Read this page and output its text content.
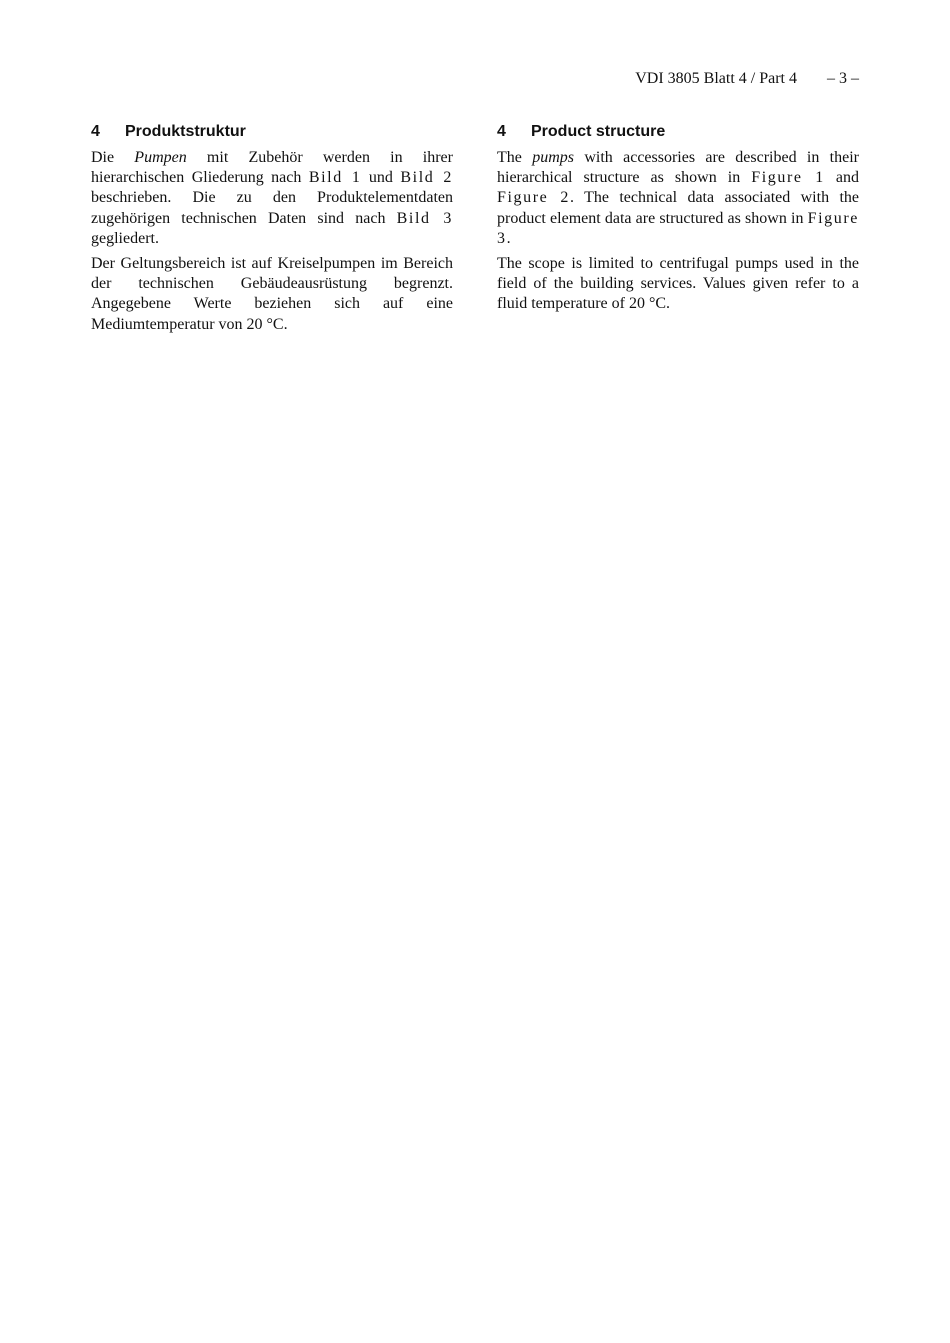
VDI 3805 Blatt 4 / Part 4 – 3 –
4 Produktstruktur

Die Pumpen mit Zubehör werden in ihrer hierarchischen Gliederung nach Bild 1 und Bild 2 beschrieben. Die zu den Produktelementdaten zugehörigen technischen Daten sind nach Bild 3 gegliedert.

Der Geltungsbereich ist auf Kreiselpumpen im Bereich der technischen Gebäudeausrüstung begrenzt. Angegebene Werte beziehen sich auf eine Mediumtemperatur von 20 °C.

4 Product structure

The pumps with accessories are described in their hierarchical structure as shown in Figure 1 and Figure 2. The technical data associated with the product element data are structured as shown in Figure 3.

The scope is limited to centrifugal pumps used in the field of the building services. Values given refer to a fluid temperature of 20 °C.
